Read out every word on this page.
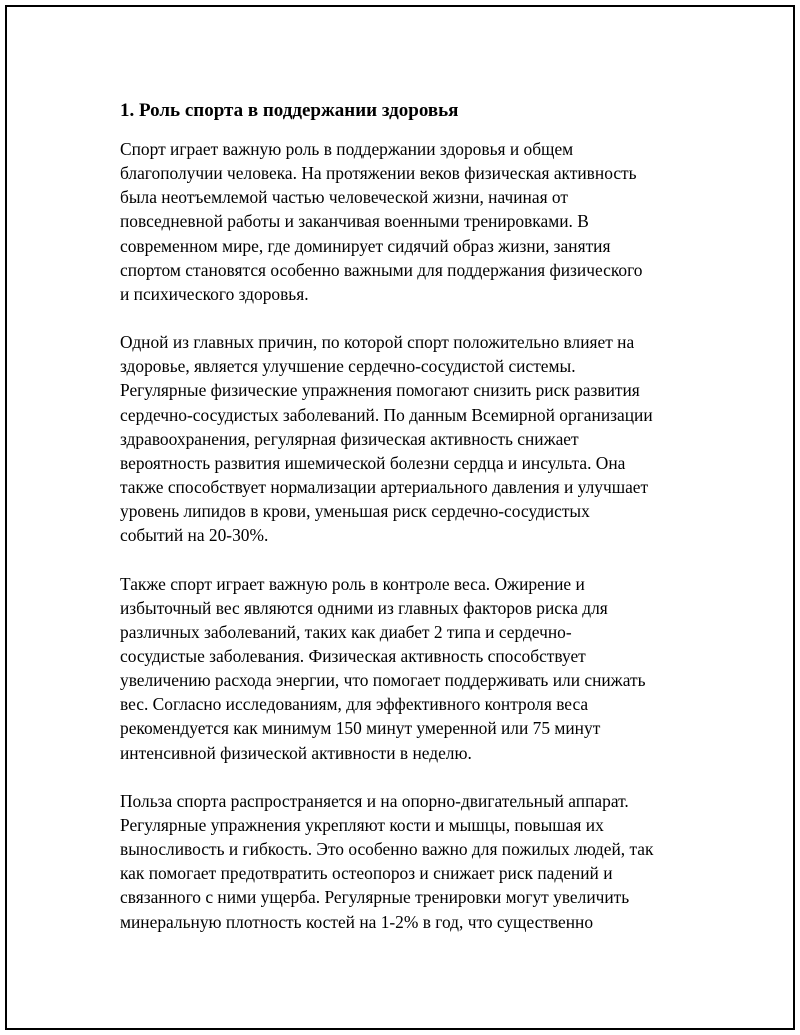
1. Роль спорта в поддержании здоровья

Спорт играет важную роль в поддержании здоровья и общем
благополучии человека. На протяжении веков физическая активность
была неотъемлемой частью человеческой жизни, начиная от
повседневной работы и заканчивая военными тренировками. В
современном мире, где доминирует сидячий образ жизни, занятия
спортом становятся особенно важными для поддержания физического
и психического здоровья.

Одной из главных причин, по которой спорт положительно влияет на
здоровье, является улучшение сердечно-сосудистой системы.
Регулярные физические упражнения помогают снизить риск развития
сердечно-сосудистых заболеваний. По данным Всемирной организации
здравоохранения, регулярная физическая активность снижает
вероятность развития ишемической болезни сердца и инсульта. Она
также способствует нормализации артериального давления и улучшает
уровень липидов в крови, уменьшая риск сердечно-сосудистых
событий на 20-30%.

Также спорт играет важную роль в контроле веса. Ожирение и
избыточный вес являются одними из главных факторов риска для
различных заболеваний, таких как диабет 2 типа и сердечно-
сосудистые заболевания. Физическая активность способствует
увеличению расхода энергии, что помогает поддерживать или снижать
вес. Согласно исследованиям, для эффективного контроля веса
рекомендуется как минимум 150 минут умеренной или 75 минут
интенсивной физической активности в неделю.

Польза спорта распространяется и на опорно-двигательный аппарат.
Регулярные упражнения укрепляют кости и мышцы, повышая их
выносливость и гибкость. Это особенно важно для пожилых людей, так
как помогает предотвратить остеопороз и снижает риск падений и
связанного с ними ущерба. Регулярные тренировки могут увеличить
минеральную плотность костей на 1-2% в год, что существенно
